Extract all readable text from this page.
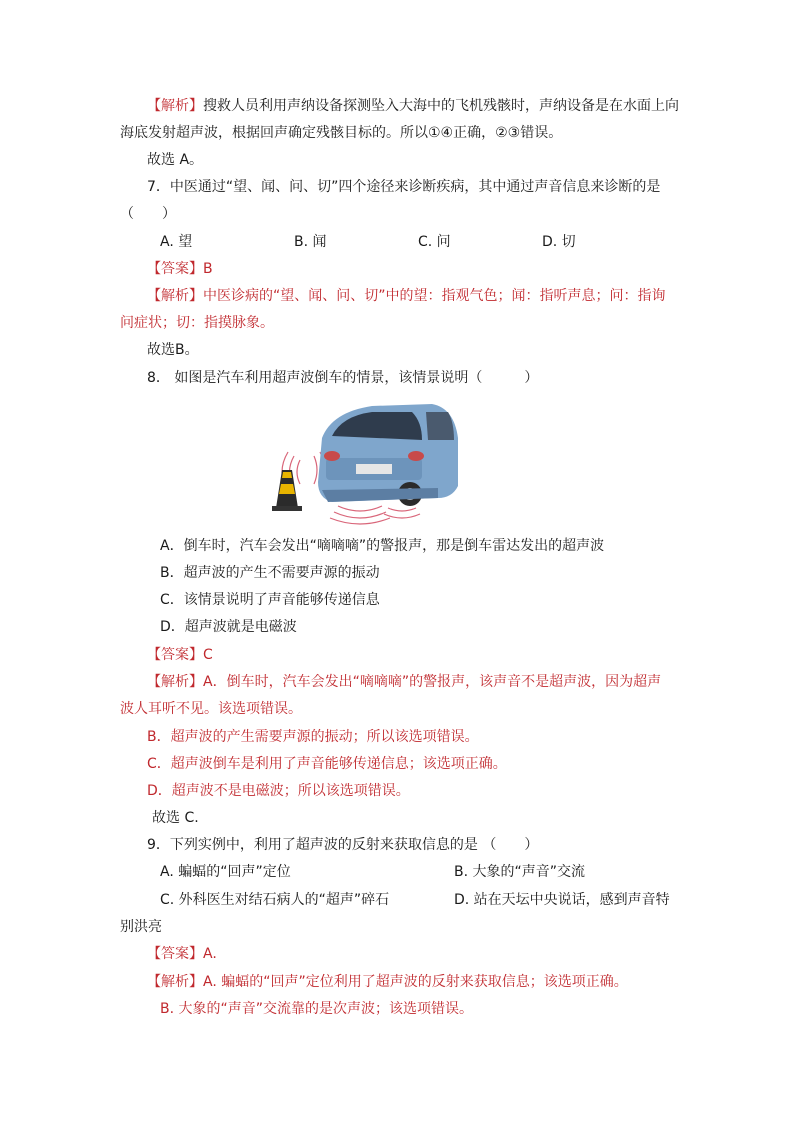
【解析】搜救人员利用声纳设备探测坠入大海中的飞机残骸时，声纳设备是在水面上向
海底发射超声波，根据回声确定残骸目标的。所以①④正确，②③错误。
故选 A。
7．中医通过“望、闻、问、切”四个途径来诊断疾病，其中通过声音信息来诊断的是
（　　）
A. 望	B. 闻	C. 问	D. 切
【答案】B
【解析】中医诊病的“望、闻、问、切”中的望：指观气色；闻：指听声息；问：指询
问症状；切：指摸脉象。
故选B。
8． 如图是汽车利用超声波倒车的情景，该情景说明（　　　）
A．倒车时，汽车会发出“嘀嘀嘀”的警报声，那是倒车雷达发出的超声波
B．超声波的产生不需要声源的振动
C．该情景说明了声音能够传递信息
D．超声波就是电磁波
【答案】C
【解析】A．倒车时，汽车会发出“嘀嘀嘀”的警报声，该声音不是超声波，因为超声
波人耳听不见。该选项错误。
B．超声波的产生需要声源的振动；所以该选项错误。
C．超声波倒车是利用了声音能够传递信息；该选项正确。
D．超声波不是电磁波；所以该选项错误。
故选 C.
9．下列实例中，利用了超声波的反射来获取信息的是 （　　）
A. 蝙蝠的“回声”定位	B. 大象的“声音”交流
C. 外科医生对结石病人的“超声”碎石	D. 站在天坛中央说话，感到声音特
别洪亮
【答案】A.
【解析】A. 蝙蝠的“回声”定位利用了超声波的反射来获取信息；该选项正确。
B. 大象的“声音”交流靠的是次声波；该选项错误。
